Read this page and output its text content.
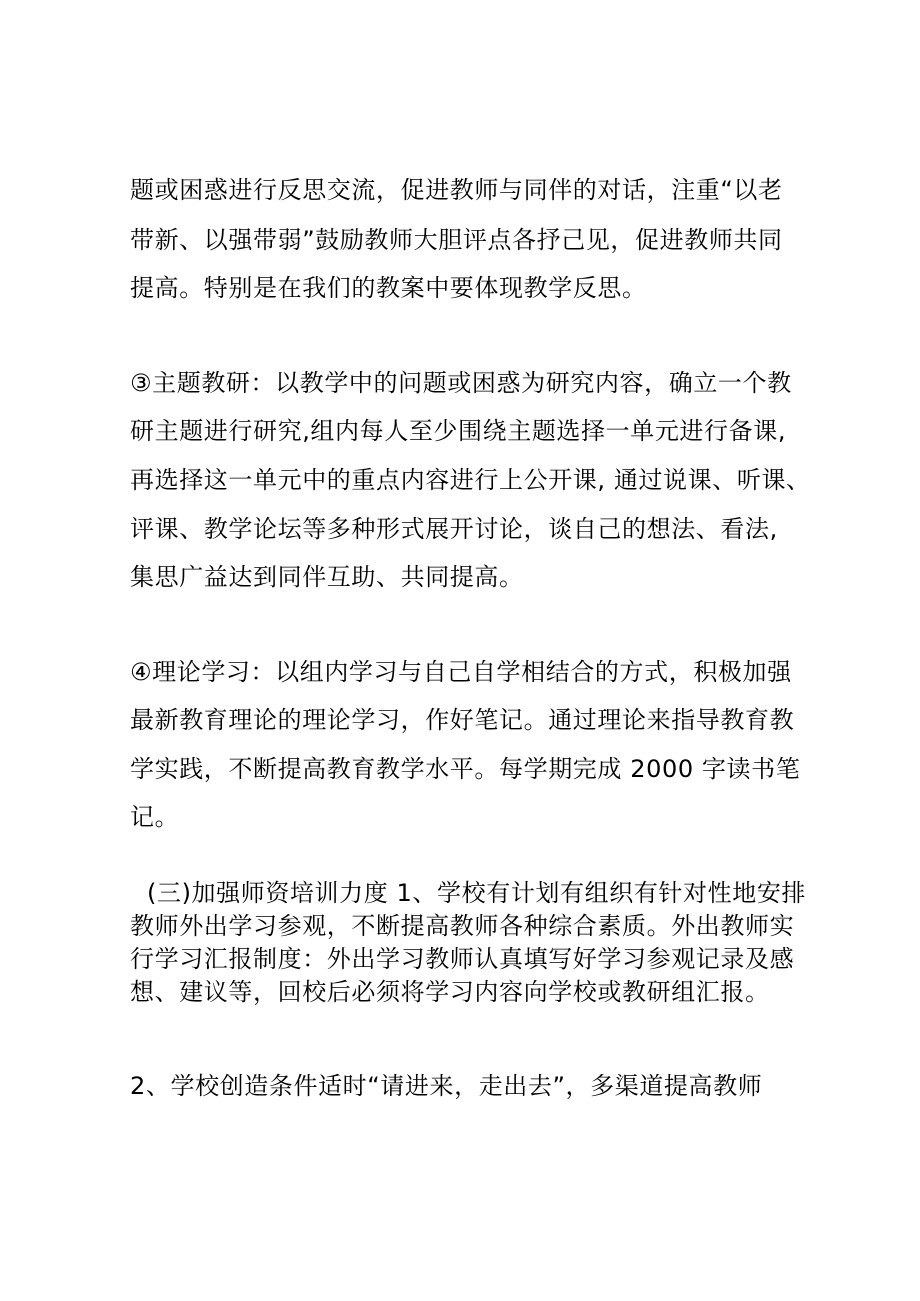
题或困惑进行反思交流，促进教师与同伴的对话，注重“以老
带新、以强带弱”鼓励教师大胆评点各抒己见，促进教师共同
提高。特别是在我们的教案中要体现教学反思。
③主题教研：以教学中的问题或困惑为研究内容，确立一个教
研主题进行研究,组内每人至少围绕主题选择一单元进行备课,
再选择这一单元中的重点内容进行上公开课, 通过说课、听课、
评课、教学论坛等多种形式展开讨论，谈自己的想法、看法,
集思广益达到同伴互助、共同提高。
④理论学习：以组内学习与自己自学相结合的方式，积极加强
最新教育理论的理论学习，作好笔记。通过理论来指导教育教
学实践，不断提高教育教学水平。每学期完成 2000 字读书笔
记。
(三)加强师资培训力度 1、学校有计划有组织有针对性地安排
教师外出学习参观，不断提高教师各种综合素质。外出教师实
行学习汇报制度：外出学习教师认真填写好学习参观记录及感
想、建议等，回校后必须将学习内容向学校或教研组汇报。
2、学校创造条件适时“请进来，走出去”，多渠道提高教师
